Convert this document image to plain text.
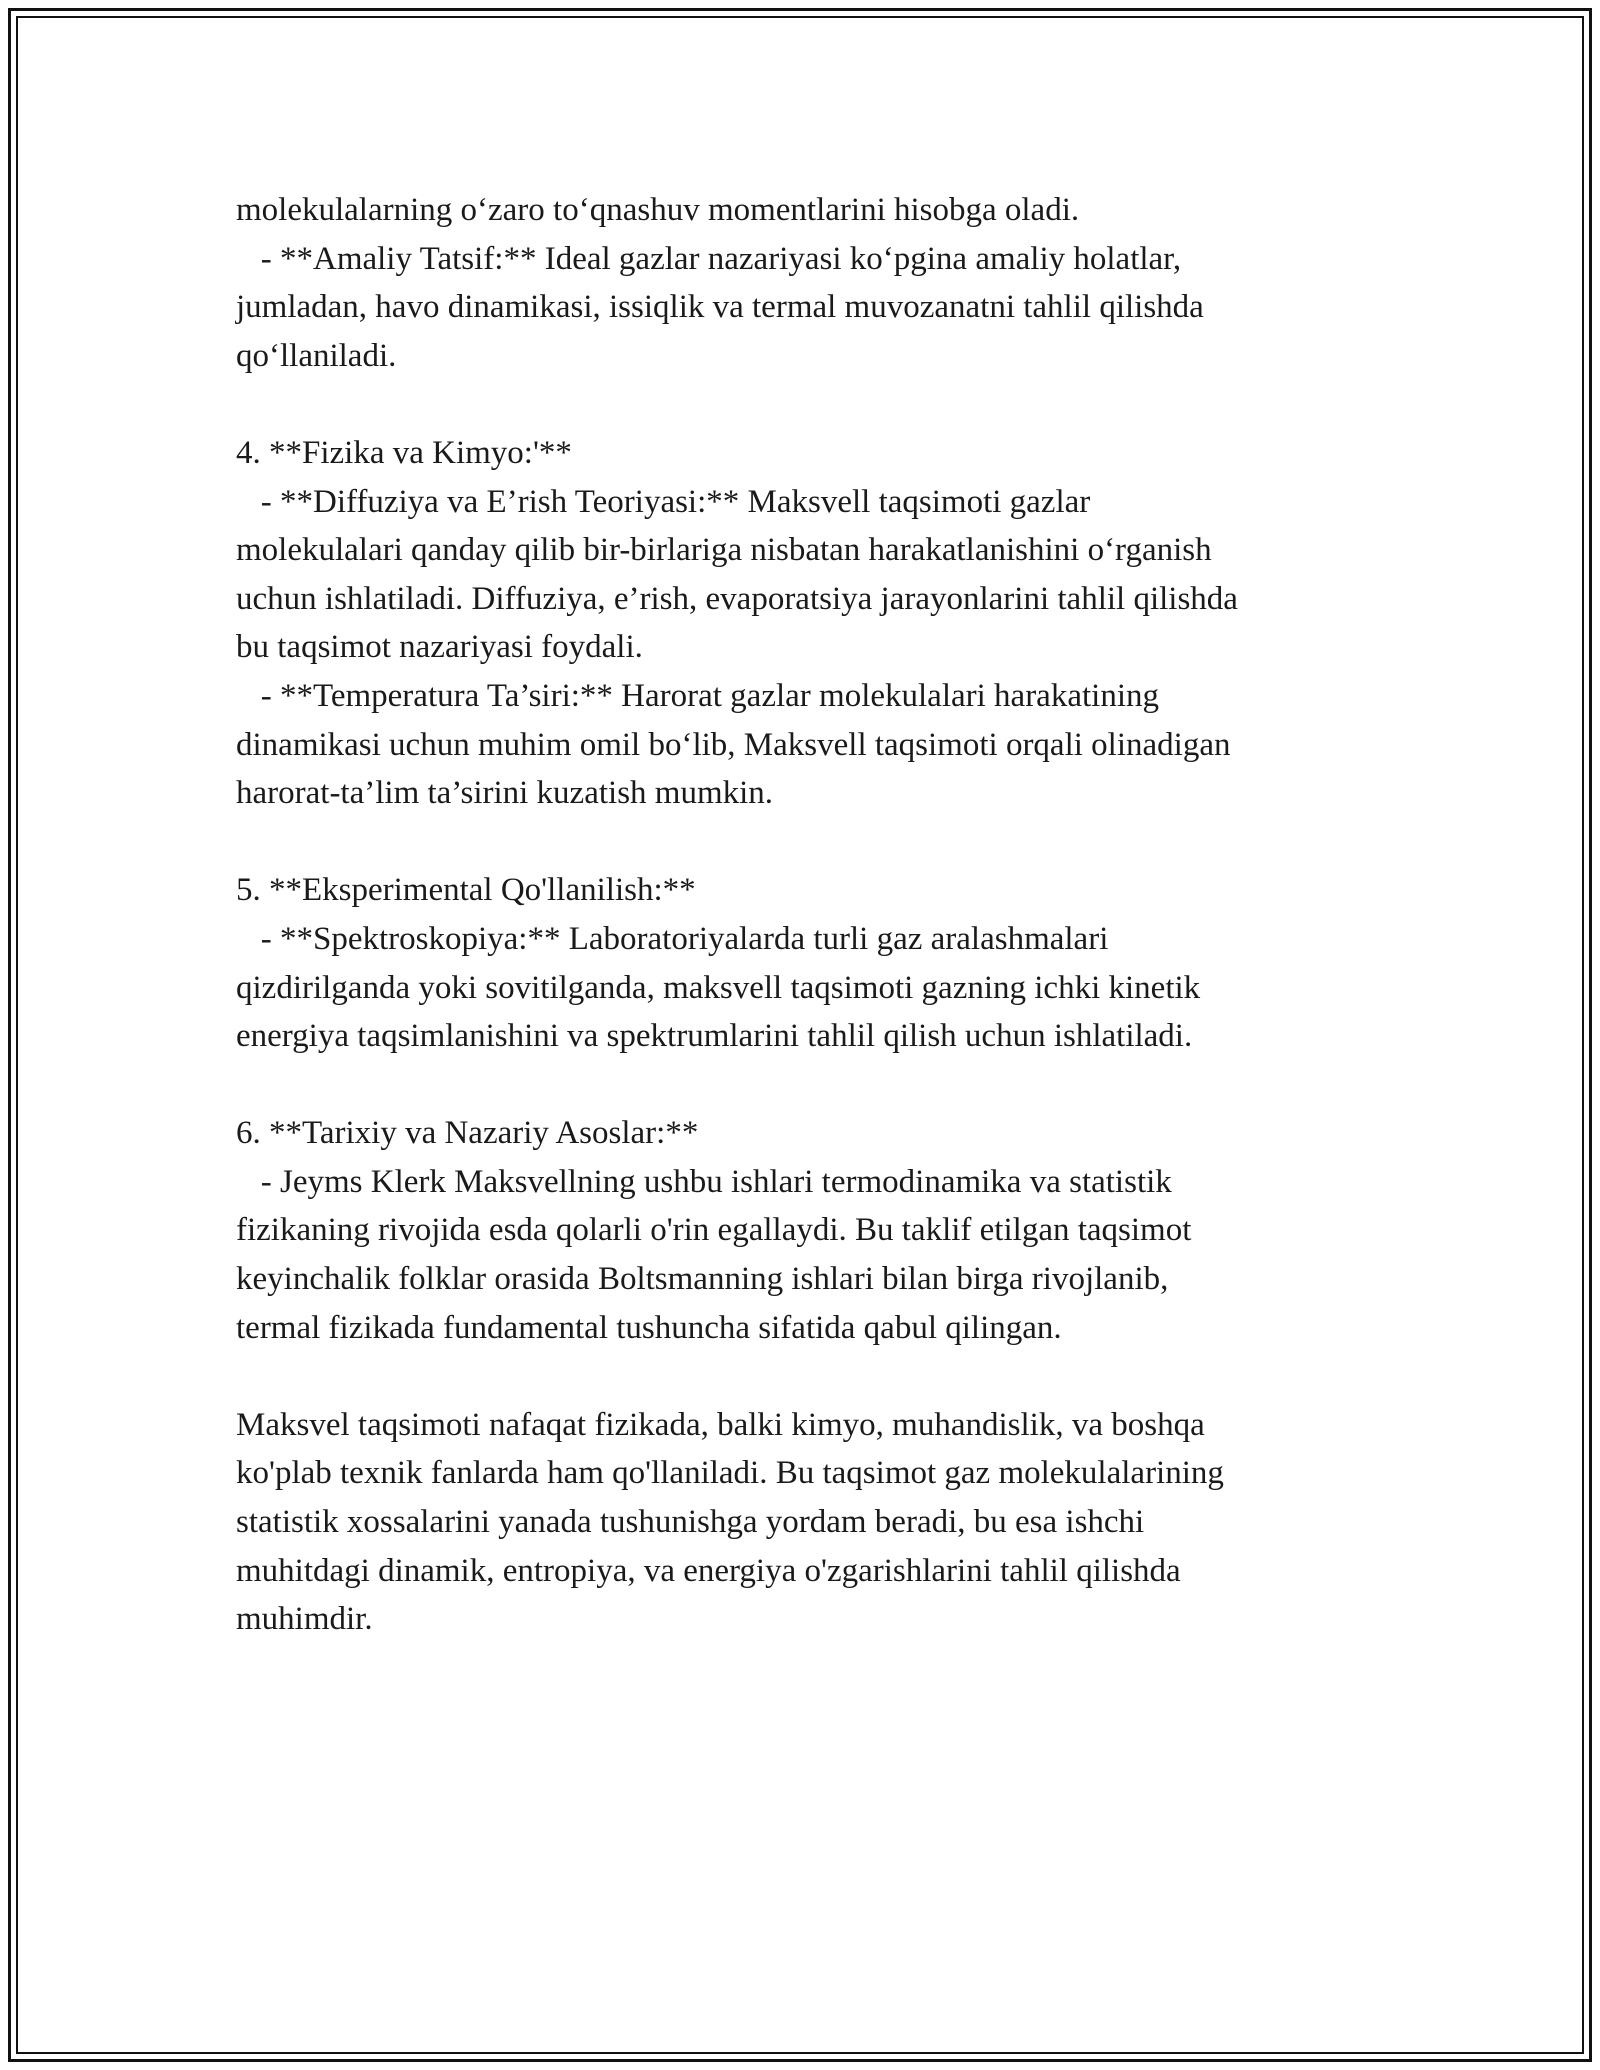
molekulalarning o‘zaro to‘qnashuv momentlarini hisobga oladi.
- **Amaliy Tatsif:** Ideal gazlar nazariyasi ko‘pgina amaliy holatlar,
jumladan, havo dinamikasi, issiqlik va termal muvozanatni tahlil qilishda
qo‘llaniladi.
4. **Fizika va Kimyo:'**
- **Diffuziya va E’rish Teoriyasi:** Maksvell taqsimoti gazlar
molekulalari qanday qilib bir-birlariga nisbatan harakatlanishini o‘rganish
uchun ishlatiladi. Diffuziya, e’rish, evaporatsiya jarayonlarini tahlil qilishda
bu taqsimot nazariyasi foydali.
- **Temperatura Ta’siri:** Harorat gazlar molekulalari harakatining
dinamikasi uchun muhim omil bo‘lib, Maksvell taqsimoti orqali olinadigan
harorat-ta’lim ta’sirini kuzatish mumkin.
5. **Eksperimental Qo'llanilish:**
- **Spektroskopiya:** Laboratoriyalarda turli gaz aralashmalari
qizdirilganda yoki sovitilganda, maksvell taqsimoti gazning ichki kinetik
energiya taqsimlanishini va spektrumlarini tahlil qilish uchun ishlatiladi.
6. **Tarixiy va Nazariy Asoslar:**
- Jeyms Klerk Maksvellning ushbu ishlari termodinamika va statistik
fizikaning rivojida esda qolarli o'rin egallaydi. Bu taklif etilgan taqsimot
keyinchalik folklar orasida Boltsmanning ishlari bilan birga rivojlanib,
termal fizikada fundamental tushuncha sifatida qabul qilingan.
Maksvel taqsimoti nafaqat fizikada, balki kimyo, muhandislik, va boshqa
ko'plab texnik fanlarda ham qo'llaniladi. Bu taqsimot gaz molekulalarining
statistik xossalarini yanada tushunishga yordam beradi, bu esa ishchi
muhitdagi dinamik, entropiya, va energiya o'zgarishlarini tahlil qilishda
muhimdir.
